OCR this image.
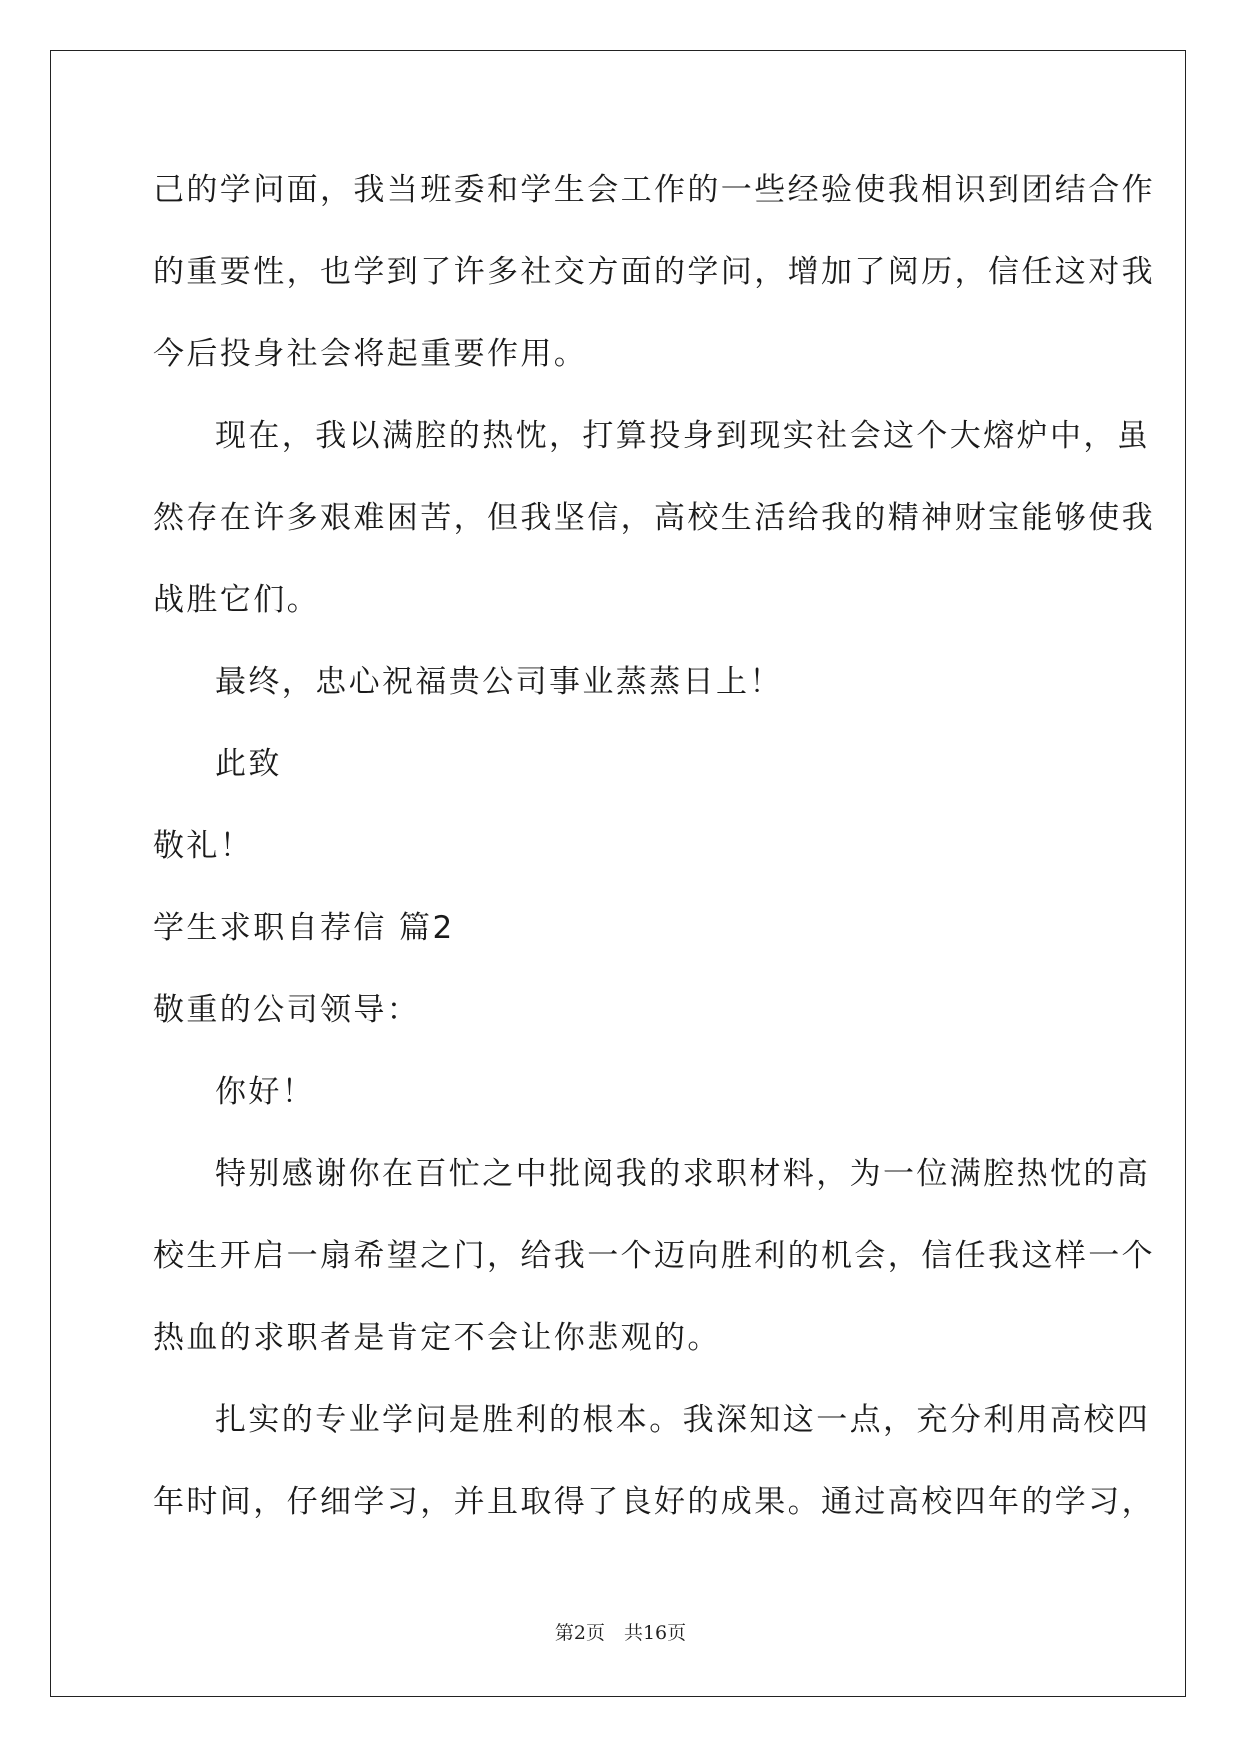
己的学问面，我当班委和学生会工作的一些经验使我相识到团结合作
的重要性，也学到了许多社交方面的学问，增加了阅历，信任这对我
今后投身社会将起重要作用。
现在，我以满腔的热忱，打算投身到现实社会这个大熔炉中，虽
然存在许多艰难困苦，但我坚信，高校生活给我的精神财宝能够使我
战胜它们。
最终，忠心祝福贵公司事业蒸蒸日上！
此致
敬礼！
学生求职自荐信 篇2
敬重的公司领导：
你好！
特别感谢你在百忙之中批阅我的求职材料，为一位满腔热忱的高
校生开启一扇希望之门，给我一个迈向胜利的机会，信任我这样一个
热血的求职者是肯定不会让你悲观的。
扎实的专业学问是胜利的根本。我深知这一点，充分利用高校四
年时间，仔细学习，并且取得了良好的成果。通过高校四年的学习，
第2页　共16页
